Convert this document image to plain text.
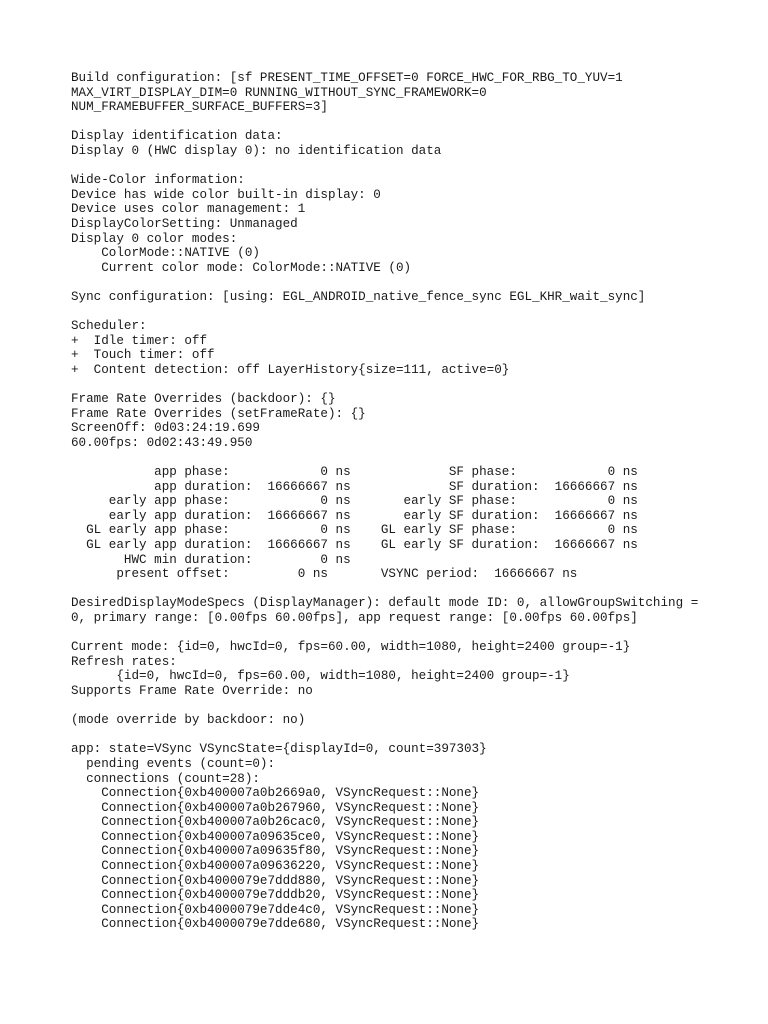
Build configuration: [sf PRESENT_TIME_OFFSET=0 FORCE_HWC_FOR_RBG_TO_YUV=1
MAX_VIRT_DISPLAY_DIM=0 RUNNING_WITHOUT_SYNC_FRAMEWORK=0
NUM_FRAMEBUFFER_SURFACE_BUFFERS=3]
Display identification data:
Display 0 (HWC display 0): no identification data
Wide-Color information:
Device has wide color built-in display: 0
Device uses color management: 1
DisplayColorSetting: Unmanaged
Display 0 color modes:
ColorMode::NATIVE (0)
Current color mode: ColorMode::NATIVE (0)
Sync configuration: [using: EGL_ANDROID_native_fence_sync EGL_KHR_wait_sync]
Scheduler:
+  Idle timer: off
+  Touch timer: off
+  Content detection: off LayerHistory{size=111, active=0}
Frame Rate Overrides (backdoor): {}
Frame Rate Overrides (setFrameRate): {}
ScreenOff: 0d03:24:19.699
60.00fps: 0d02:43:49.950
app phase:            0 ns             SF phase:            0 ns
app duration:  16666667 ns             SF duration:  16666667 ns
early app phase:            0 ns       early SF phase:            0 ns
early app duration:  16666667 ns       early SF duration:  16666667 ns
GL early app phase:            0 ns    GL early SF phase:            0 ns
GL early app duration:  16666667 ns    GL early SF duration:  16666667 ns
HWC min duration:         0 ns
present offset:         0 ns       VSYNC period:  16666667 ns
DesiredDisplayModeSpecs (DisplayManager): default mode ID: 0, allowGroupSwitching =
0, primary range: [0.00fps 60.00fps], app request range: [0.00fps 60.00fps]
Current mode: {id=0, hwcId=0, fps=60.00, width=1080, height=2400 group=-1}
Refresh rates:
{id=0, hwcId=0, fps=60.00, width=1080, height=2400 group=-1}
Supports Frame Rate Override: no
(mode override by backdoor: no)
app: state=VSync VSyncState={displayId=0, count=397303}
pending events (count=0):
connections (count=28):
Connection{0xb400007a0b2669a0, VSyncRequest::None}
Connection{0xb400007a0b267960, VSyncRequest::None}
Connection{0xb400007a0b26cac0, VSyncRequest::None}
Connection{0xb400007a09635ce0, VSyncRequest::None}
Connection{0xb400007a09635f80, VSyncRequest::None}
Connection{0xb400007a09636220, VSyncRequest::None}
Connection{0xb4000079e7ddd880, VSyncRequest::None}
Connection{0xb4000079e7dddb20, VSyncRequest::None}
Connection{0xb4000079e7dde4c0, VSyncRequest::None}
Connection{0xb4000079e7dde680, VSyncRequest::None}
